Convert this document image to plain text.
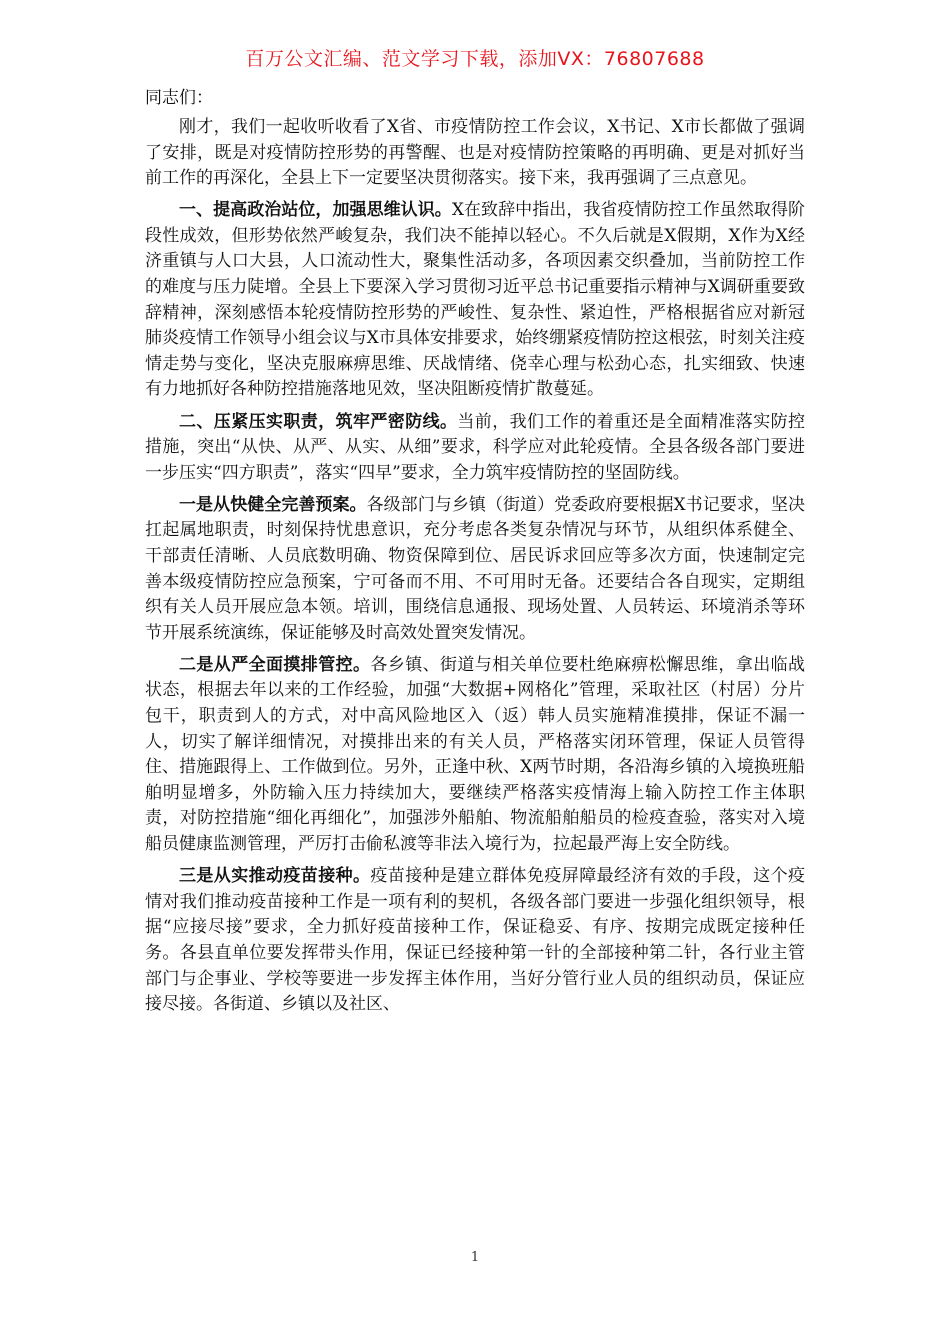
百万公文汇编、范文学习下载，添加VX：76807688

同志们：

刚才，我们一起收听收看了X省、市疫情防控工作会议，X书记、X市长都做了强调了安排，既是对疫情防控形势的再警醒、也是对疫情防控策略的再明确、更是对抓好当前工作的再深化，全县上下一定要坚决贯彻落实。接下来，我再强调了三点意见。

一、提高政治站位，加强思维认识。X在致辞中指出，我省疫情防控工作虽然取得阶段性成效，但形势依然严峻复杂，我们决不能掉以轻心。不久后就是X假期，X作为X经济重镇与人口大县，人口流动性大，聚集性活动多，各项因素交织叠加，当前防控工作的难度与压力陡增。全县上下要深入学习贯彻习近平总书记重要指示精神与X调研重要致辞精神，深刻感悟本轮疫情防控形势的严峻性、复杂性、紧迫性，严格根据省应对新冠肺炎疫情工作领导小组会议与X市具体安排要求，始终绷紧疫情防控这根弦，时刻关注疫情走势与变化，坚决克服麻痹思维、厌战情绪、侥幸心理与松劲心态，扎实细致、快速有力地抓好各种防控措施落地见效，坚决阻断疫情扩散蔓延。

二、压紧压实职责，筑牢严密防线。当前，我们工作的着重还是全面精准落实防控措施，突出“从快、从严、从实、从细”要求，科学应对此轮疫情。全县各级各部门要进一步压实“四方职责”，落实“四早”要求，全力筑牢疫情防控的坚固防线。

一是从快健全完善预案。各级部门与乡镇（街道）党委政府要根据X书记要求，坚决扛起属地职责，时刻保持忧患意识，充分考虑各类复杂情况与环节，从组织体系健全、干部责任清晰、人员底数明确、物资保障到位、居民诉求回应等多次方面，快速制定完善本级疫情防控应急预案，宁可备而不用、不可用时无备。还要结合各自现实，定期组织有关人员开展应急本领。培训，围绕信息通报、现场处置、人员转运、环境消杀等环节开展系统演练，保证能够及时高效处置突发情况。

二是从严全面摸排管控。各乡镇、街道与相关单位要杜绝麻痹松懈思维，拿出临战状态，根据去年以来的工作经验，加强“大数据+网格化”管理，采取社区（村居）分片包干，职责到人的方式，对中高风险地区入（返）韩人员实施精准摸排，保证不漏一人，切实了解详细情况，对摸排出来的有关人员，严格落实闭环管理，保证人员管得住、措施跟得上、工作做到位。另外，正逢中秋、X两节时期，各沿海乡镇的入境换班船舶明显增多，外防输入压力持续加大，要继续严格落实疫情海上输入防控工作主体职责，对防控措施“细化再细化”，加强涉外船舶、物流船舶船员的检疫查验，落实对入境船员健康监测管理，严厉打击偷私渡等非法入境行为，拉起最严海上安全防线。

三是从实推动疫苗接种。疫苗接种是建立群体免疫屏障最经济有效的手段，这个疫情对我们推动疫苗接种工作是一项有利的契机，各级各部门要进一步强化组织领导，根据“应接尽接”要求，全力抓好疫苗接种工作，保证稳妥、有序、按期完成既定接种任务。各县直单位要发挥带头作用，保证已经接种第一针的全部接种第二针，各行业主管部门与企事业、学校等要进一步发挥主体作用，当好分管行业人员的组织动员，保证应接尽接。各街道、乡镇以及社区、

1
